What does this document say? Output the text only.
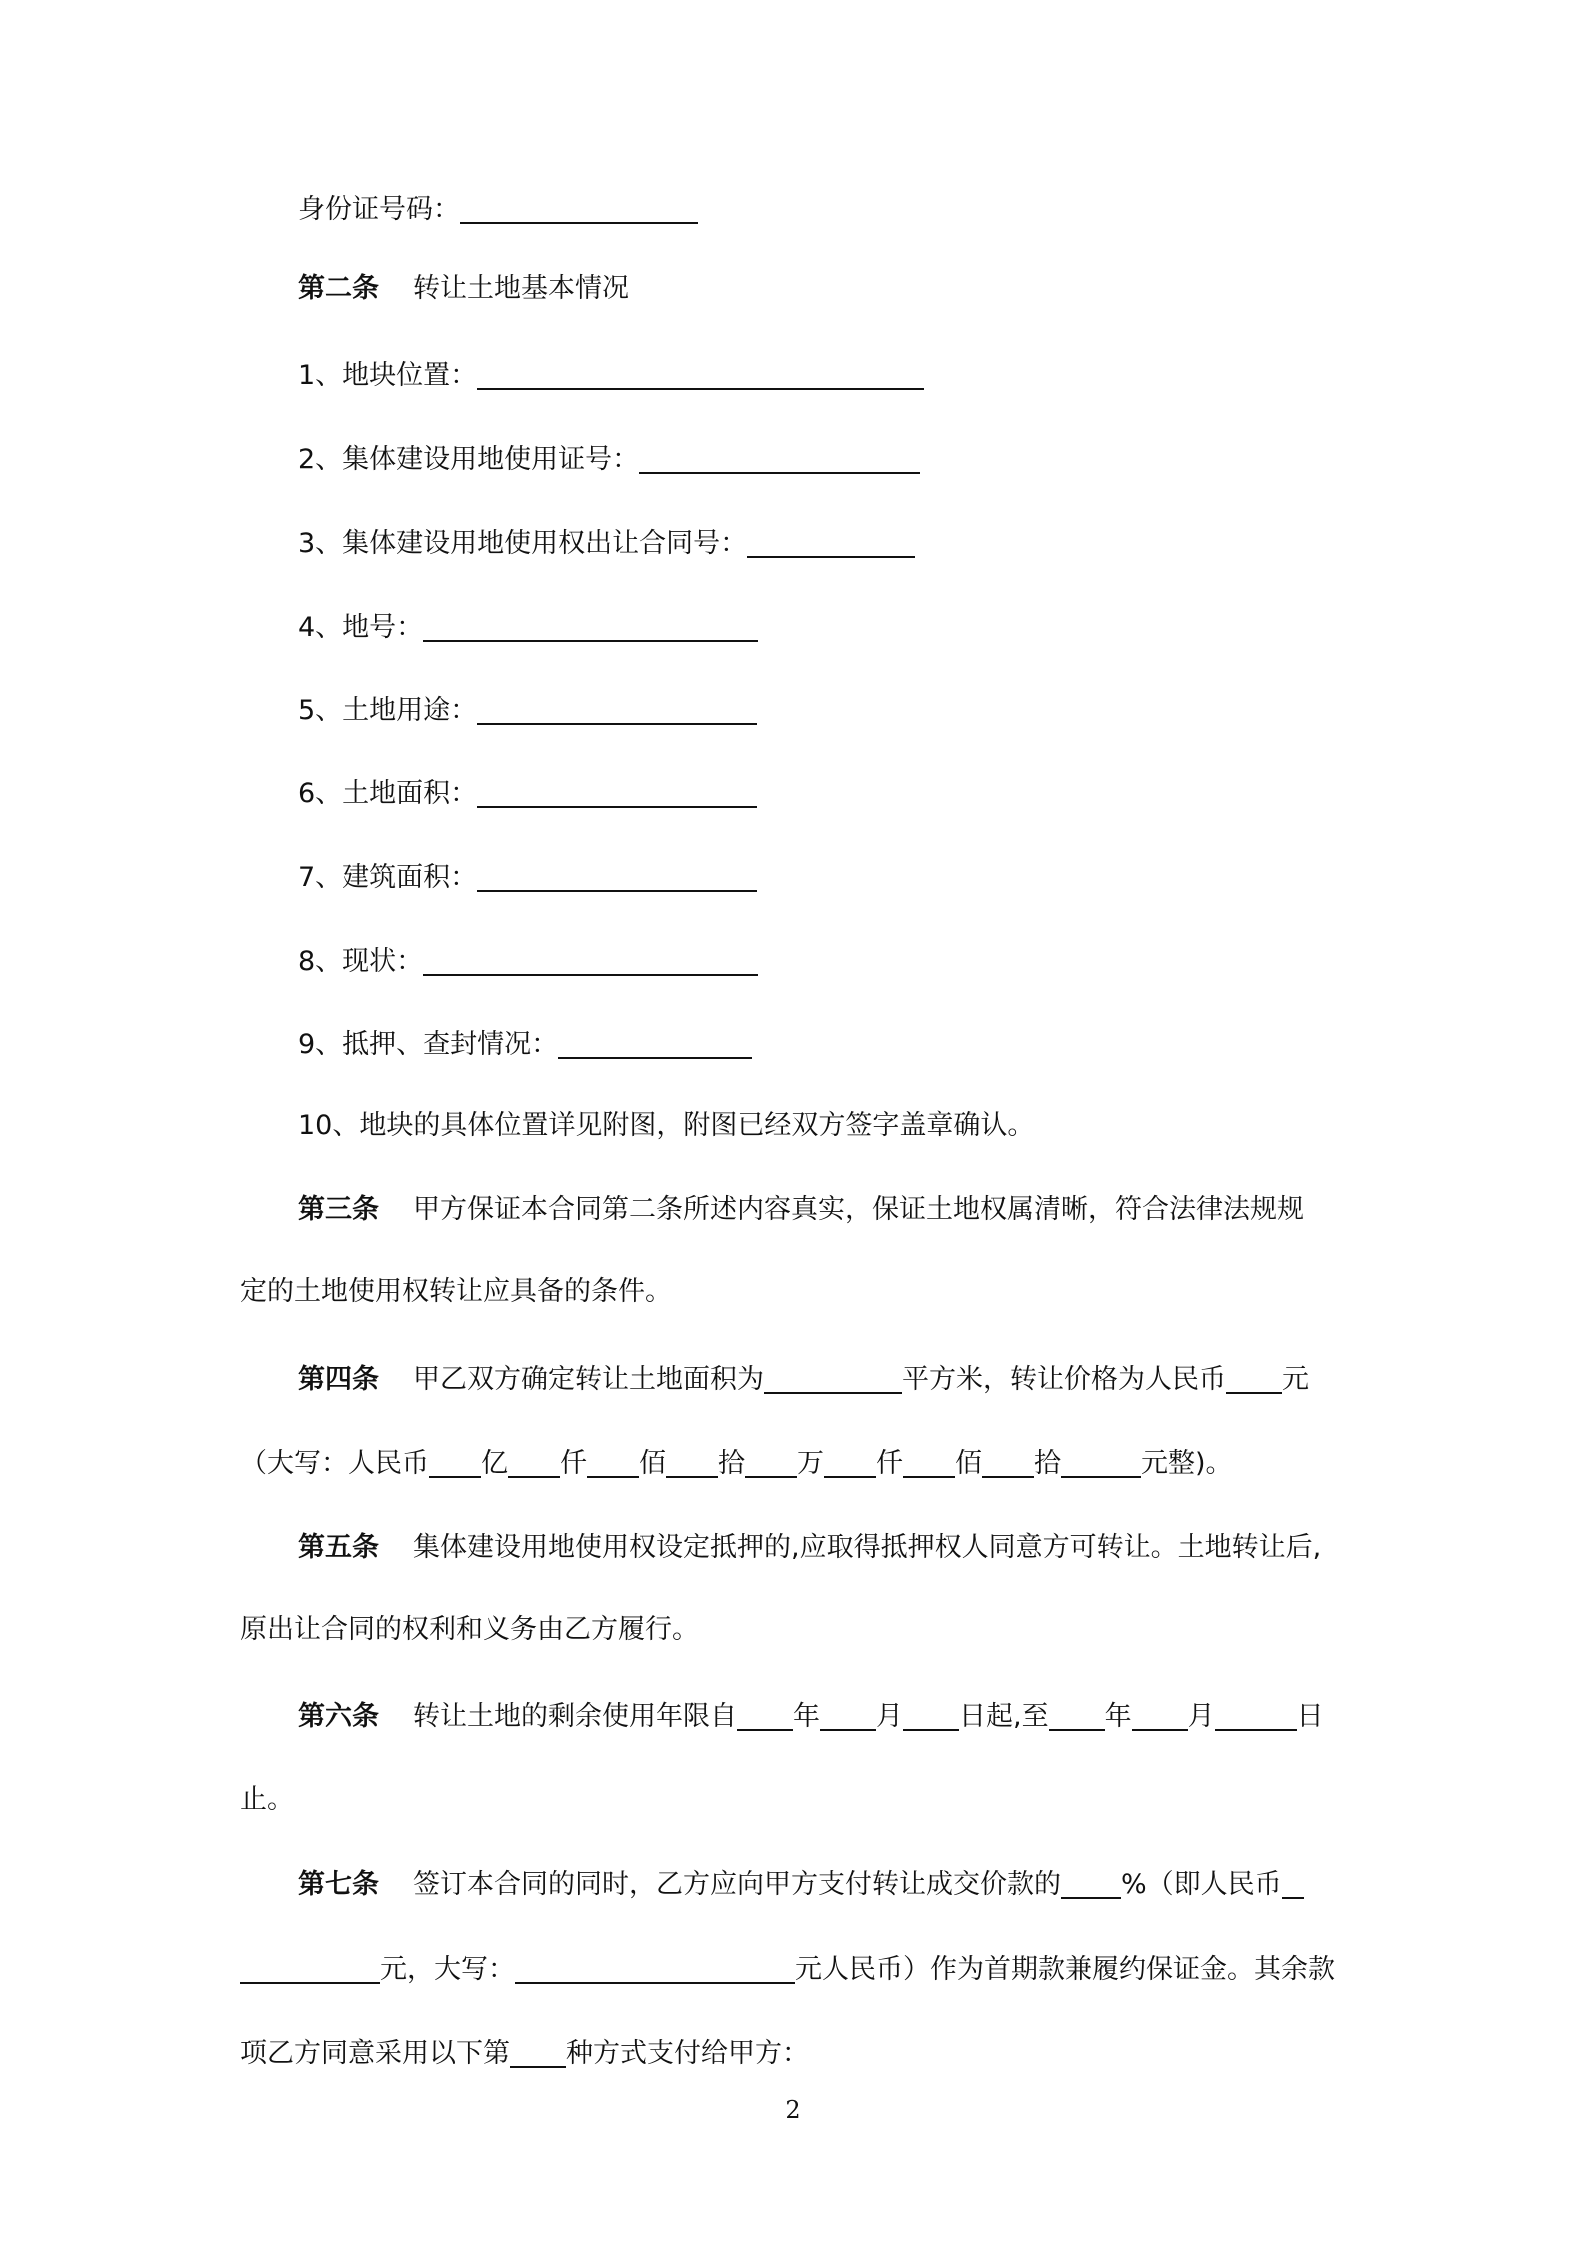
身份证号码：
第二条 转让土地基本情况
1、地块位置：
2、集体建设用地使用证号：
3、集体建设用地使用权出让合同号：
4、地号：
5、土地用途：
6、土地面积：
7、建筑面积：
8、现状：
9、抵押、查封情况：
10、地块的具体位置详见附图，附图已经双方签字盖章确认。
第三条 甲方保证本合同第二条所述内容真实，保证土地权属清晰，符合法律法规规
定的土地使用权转让应具备的条件。
第四条 甲乙双方确定转让土地面积为	平方米，转让价格为人民币 元
（大写：人民币 亿 仟 佰 拾 万 仟 佰 拾	元整)。
第五条 集体建设用地使用权设定抵押的,应取得抵押权人同意方可转让。土地转让后,
原出让合同的权利和义务由乙方履行。
第六条 转让土地的剩余使用年限自 年 月 日起,至 年 月	日
止。
第七条 签订本合同的同时，乙方应向甲方支付转让成交价款的 %（即人民币
元，大写：	元人民币）作为首期款兼履约保证金。其余款
项乙方同意采用以下第 种方式支付给甲方：
2
